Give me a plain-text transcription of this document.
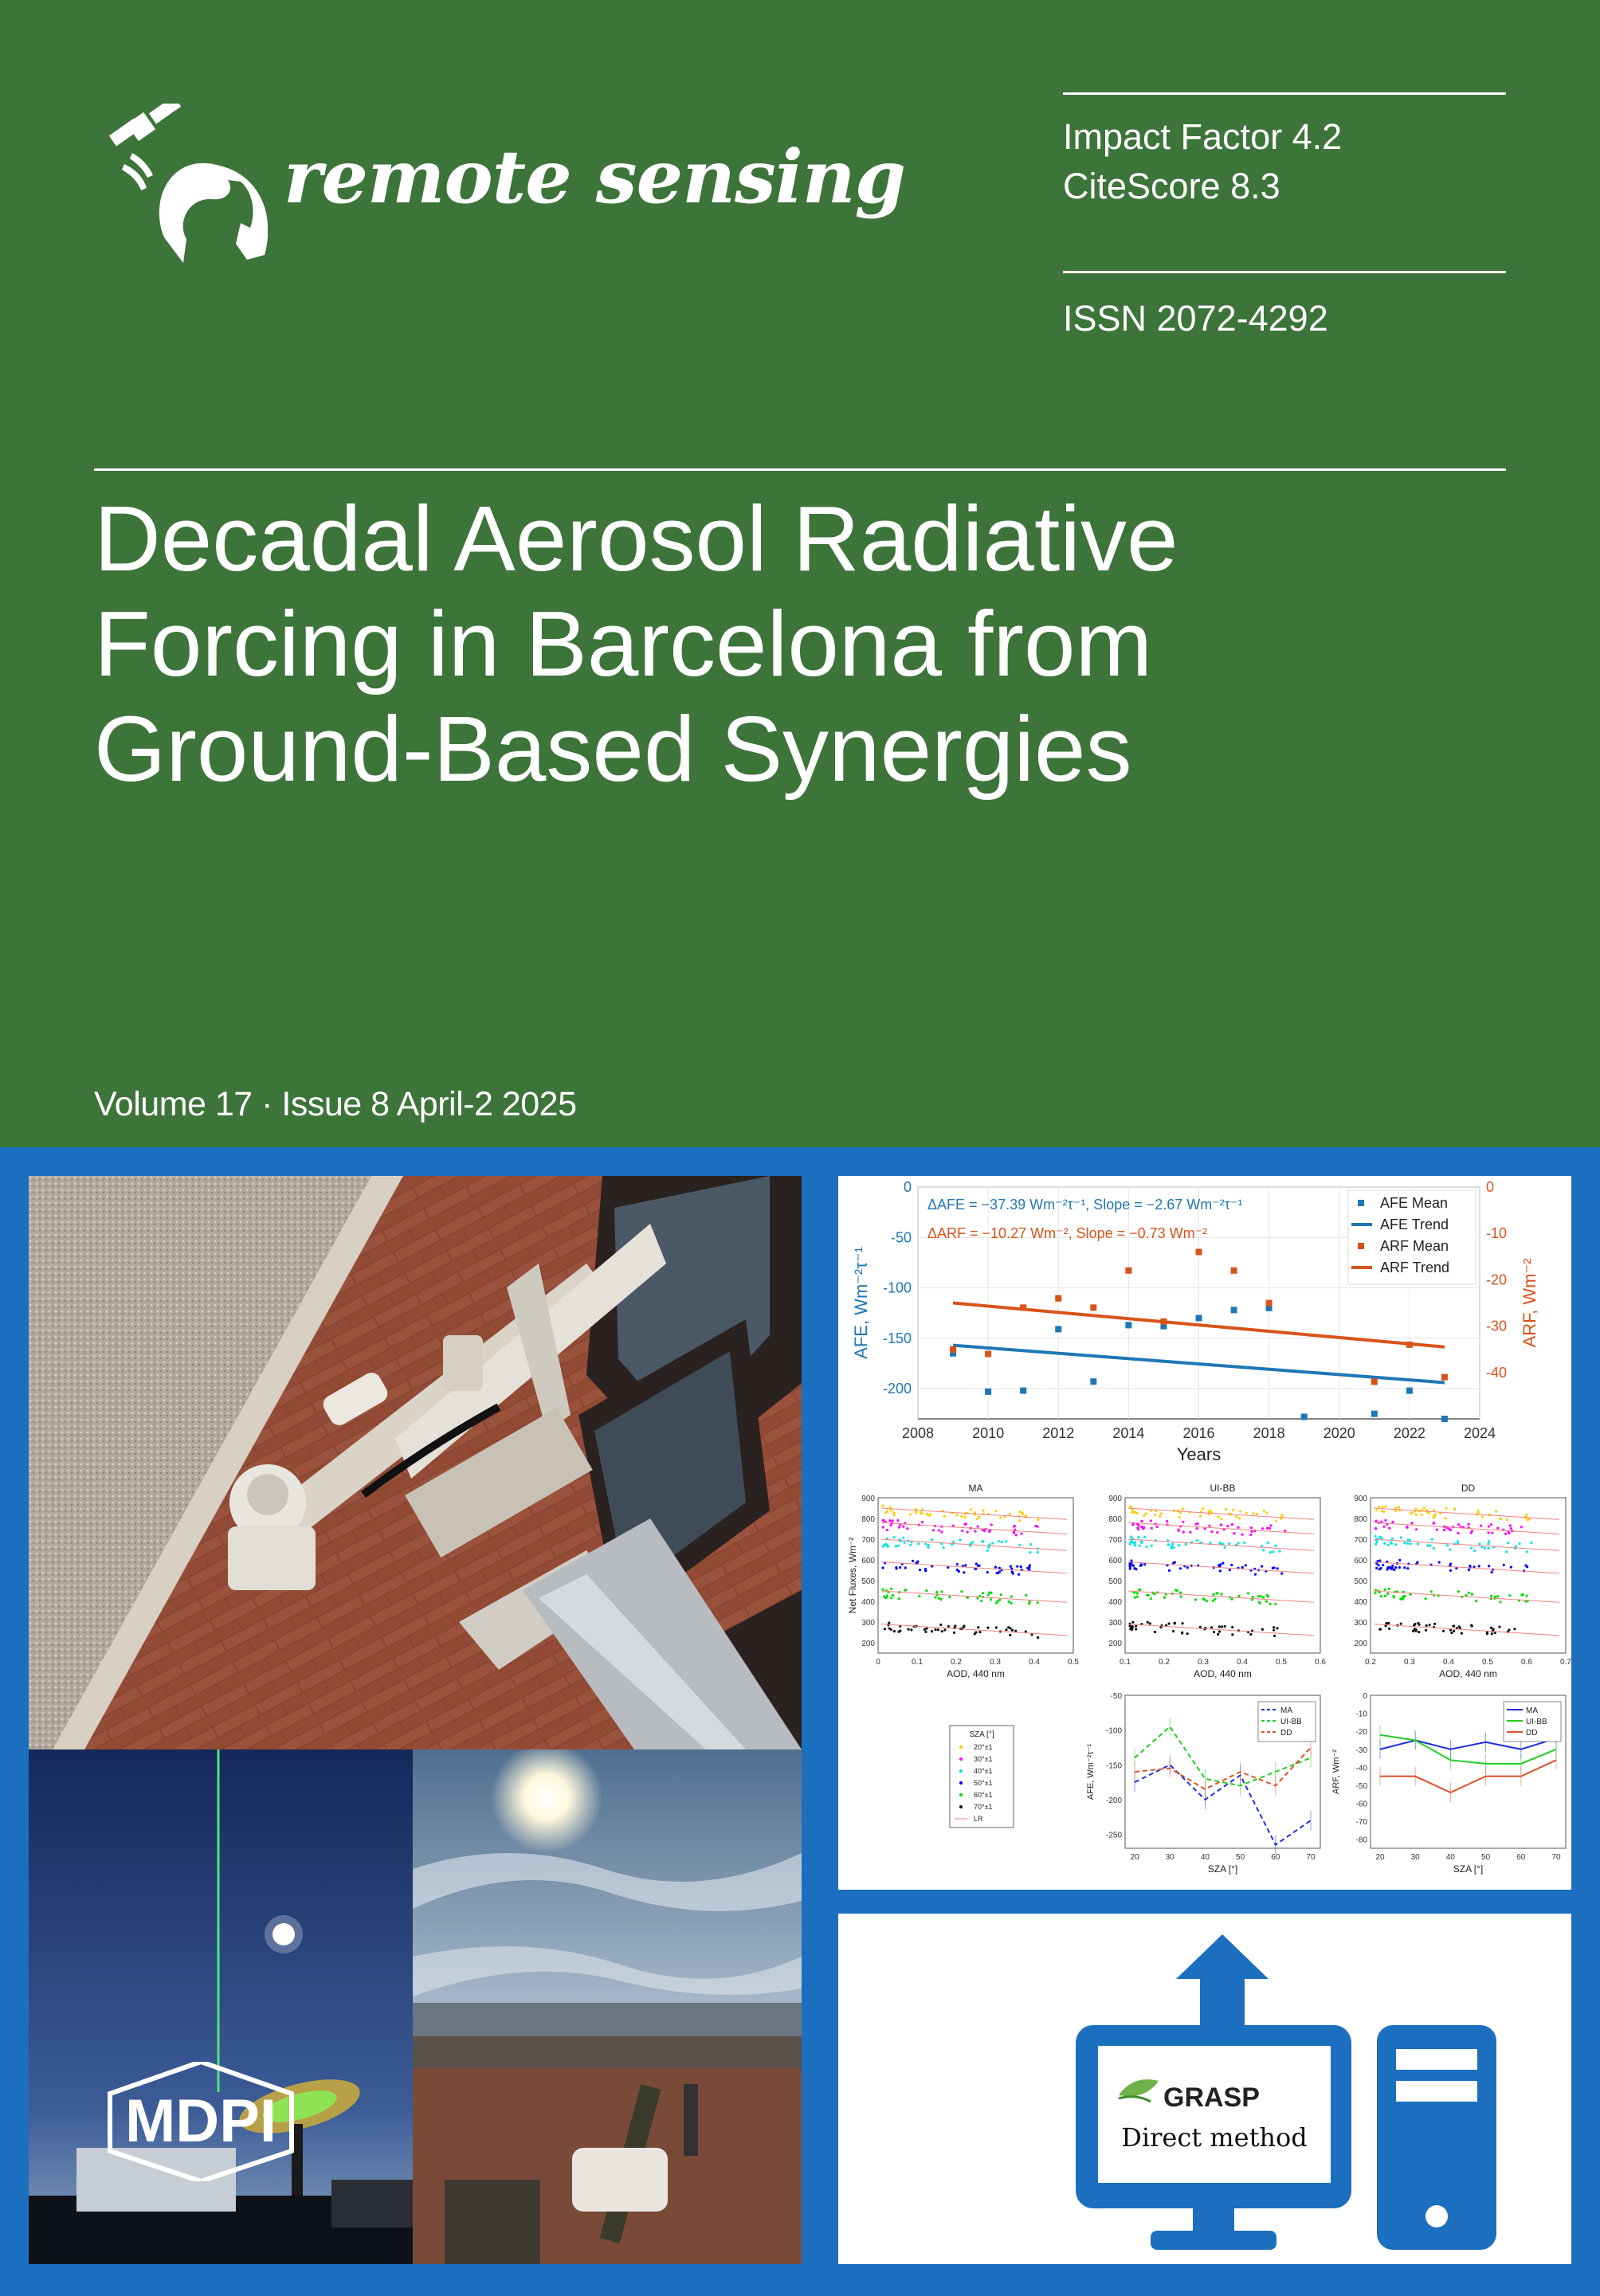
remote sensing	Impact Factor 4.2
CiteScore 8.3
ISSN 2072-4292
Decadal Aerosol Radiative
Forcing in Barcelona from
Ground-Based Synergies
Volume 17 · Issue 8 April-2 2025
MDPI
2008	2010	2012	2014	2016	2018	2020	2022	2024
0
-50
-100
-150
-200
0
-10
-20
-30
-40
Years
AFE, Wm⁻²τ⁻¹	ARF, Wm⁻²
ΔAFE = −37.39 Wm⁻²τ⁻¹, Slope = −2.67 Wm⁻²τ⁻¹
ΔARF = −10.27 Wm⁻², Slope = −0.73 Wm⁻²
AFE Mean
AFE Trend
ARF Mean
ARF Trend
MA
900
800
700
600
500
400
300
200
0	0.1	0.2	0.3	0.4	0.5
AOD, 440 nm
UI-BB
900
800
700
600
500
400
300
200
0.1	0.2	0.3	0.4	0.5	0.6
AOD, 440 nm
DD
900
800
700
600
500
400
300
200
0.2	0.3	0.4	0.5	0.6	0.7
AOD, 440 nm
Net Fluxes, Wm⁻²
SZA [°]
20°±1
30°±1
40°±1
50°±1
60°±1
70°±1
LR
-50
-100
-150
-200
-250
20	30	40	50	60	70
SZA [°]
AFE, Wm⁻²τ⁻¹
MA
UI-BB
DD
0
-10
-20
-30
-40
-50
-60
-70
-80
20	30	40	50	60	70
SZA [°]
ARF, Wm⁻²
MA
UI-BB
DD
GRASP
Direct method
